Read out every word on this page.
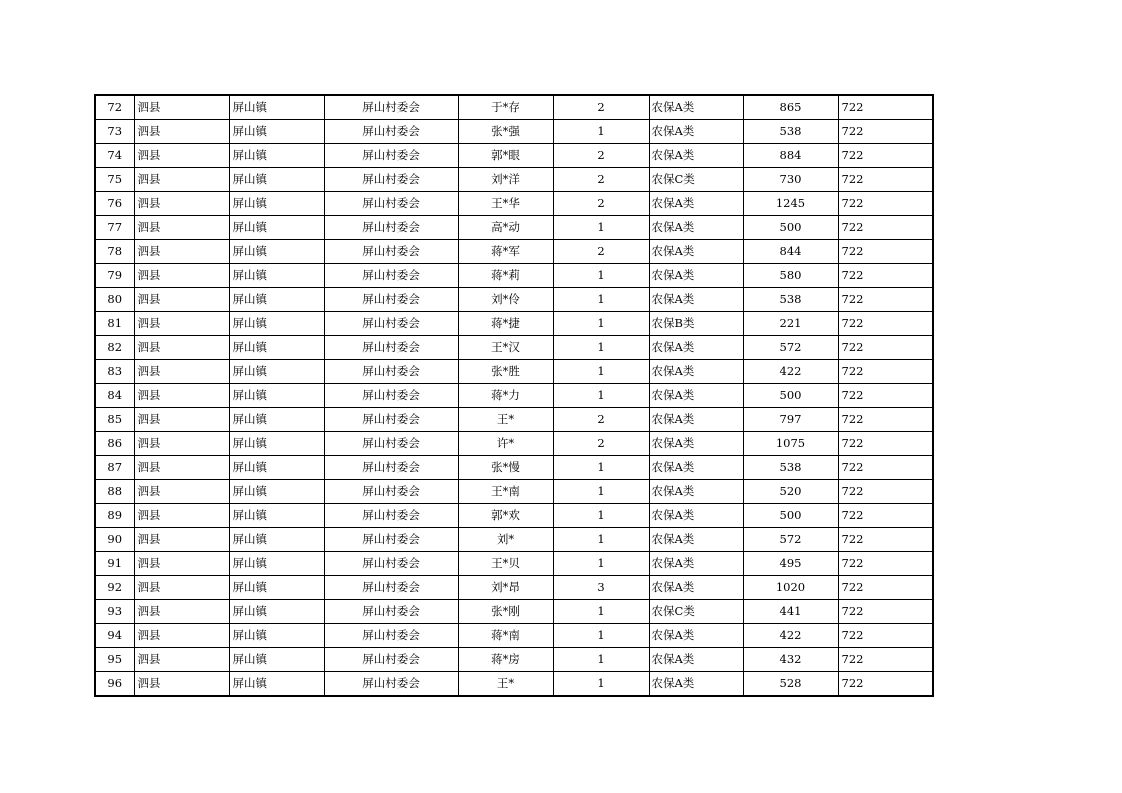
72	泗县	屏山镇	屏山村委会	于*存	2	农保A类	865	722
73	泗县	屏山镇	屏山村委会	张*强	1	农保A类	538	722
74	泗县	屏山镇	屏山村委会	郭*眼	2	农保A类	884	722
75	泗县	屏山镇	屏山村委会	刘*洋	2	农保C类	730	722
76	泗县	屏山镇	屏山村委会	王*华	2	农保A类	1245	722
77	泗县	屏山镇	屏山村委会	高*动	1	农保A类	500	722
78	泗县	屏山镇	屏山村委会	蒋*军	2	农保A类	844	722
79	泗县	屏山镇	屏山村委会	蒋*莉	1	农保A类	580	722
80	泗县	屏山镇	屏山村委会	刘*伶	1	农保A类	538	722
81	泗县	屏山镇	屏山村委会	蒋*捷	1	农保B类	221	722
82	泗县	屏山镇	屏山村委会	王*汉	1	农保A类	572	722
83	泗县	屏山镇	屏山村委会	张*胜	1	农保A类	422	722
84	泗县	屏山镇	屏山村委会	蒋*力	1	农保A类	500	722
85	泗县	屏山镇	屏山村委会	王*	2	农保A类	797	722
86	泗县	屏山镇	屏山村委会	许*	2	农保A类	1075	722
87	泗县	屏山镇	屏山村委会	张*慢	1	农保A类	538	722
88	泗县	屏山镇	屏山村委会	王*南	1	农保A类	520	722
89	泗县	屏山镇	屏山村委会	郭*欢	1	农保A类	500	722
90	泗县	屏山镇	屏山村委会	刘*	1	农保A类	572	722
91	泗县	屏山镇	屏山村委会	王*贝	1	农保A类	495	722
92	泗县	屏山镇	屏山村委会	刘*昂	3	农保A类	1020	722
93	泗县	屏山镇	屏山村委会	张*刚	1	农保C类	441	722
94	泗县	屏山镇	屏山村委会	蒋*南	1	农保A类	422	722
95	泗县	屏山镇	屏山村委会	蒋*房	1	农保A类	432	722
96	泗县	屏山镇	屏山村委会	王*	1	农保A类	528	722
